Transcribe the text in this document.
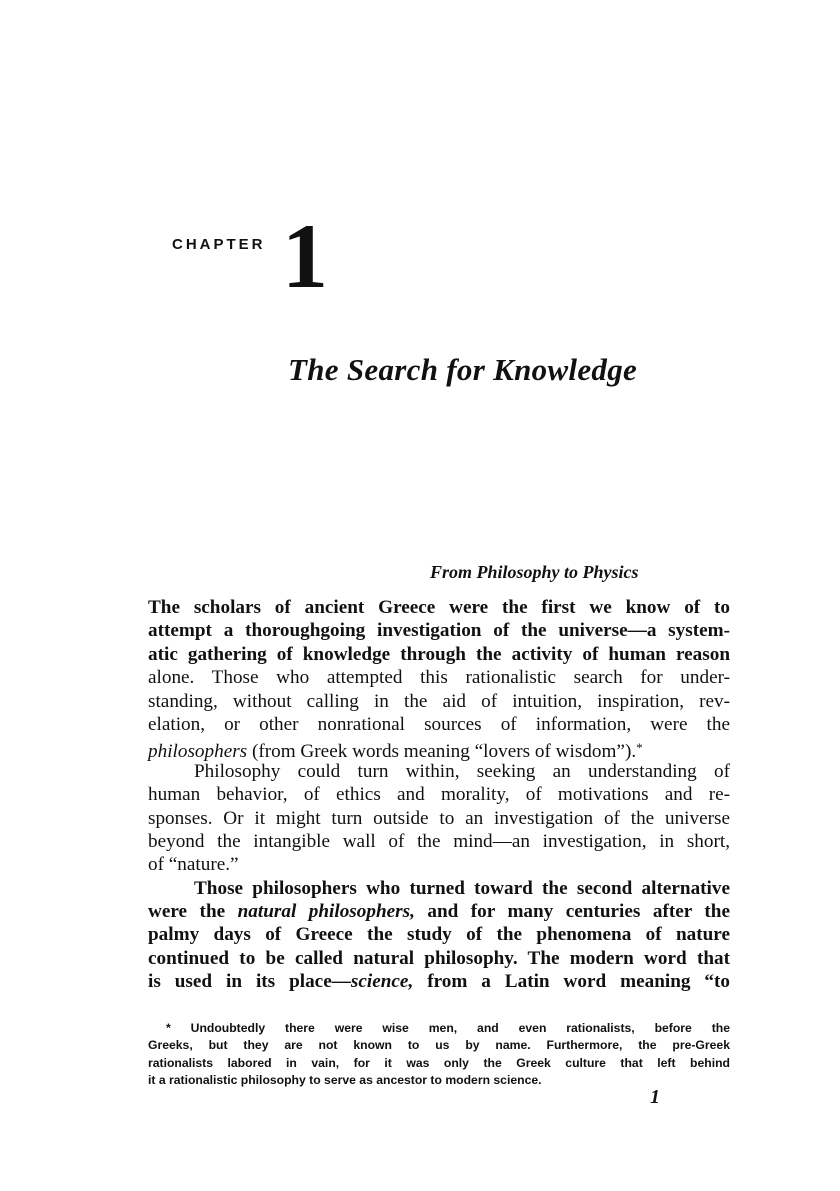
CHAPTER 1
The Search for Knowledge
From Philosophy to Physics
The scholars of ancient Greece were the first we know of to
attempt a thoroughgoing investigation of the universe—a system-
atic gathering of knowledge through the activity of human reason
alone. Those who attempted this rationalistic search for under-
standing, without calling in the aid of intuition, inspiration, rev-
elation, or other nonrational sources of information, were the
philosophers (from Greek words meaning “lovers of wisdom”).*
Philosophy could turn within, seeking an understanding of
human behavior, of ethics and morality, of motivations and re-
sponses. Or it might turn outside to an investigation of the universe
beyond the intangible wall of the mind—an investigation, in short,
of “nature.”
Those philosophers who turned toward the second alternative
were the natural philosophers, and for many centuries after the
palmy days of Greece the study of the phenomena of nature
continued to be called natural philosophy. The modern word that
is used in its place—science, from a Latin word meaning “to
* Undoubtedly there were wise men, and even rationalists, before the
Greeks, but they are not known to us by name. Furthermore, the pre-Greek
rationalists labored in vain, for it was only the Greek culture that left behind
it a rationalistic philosophy to serve as ancestor to modern science.
1
